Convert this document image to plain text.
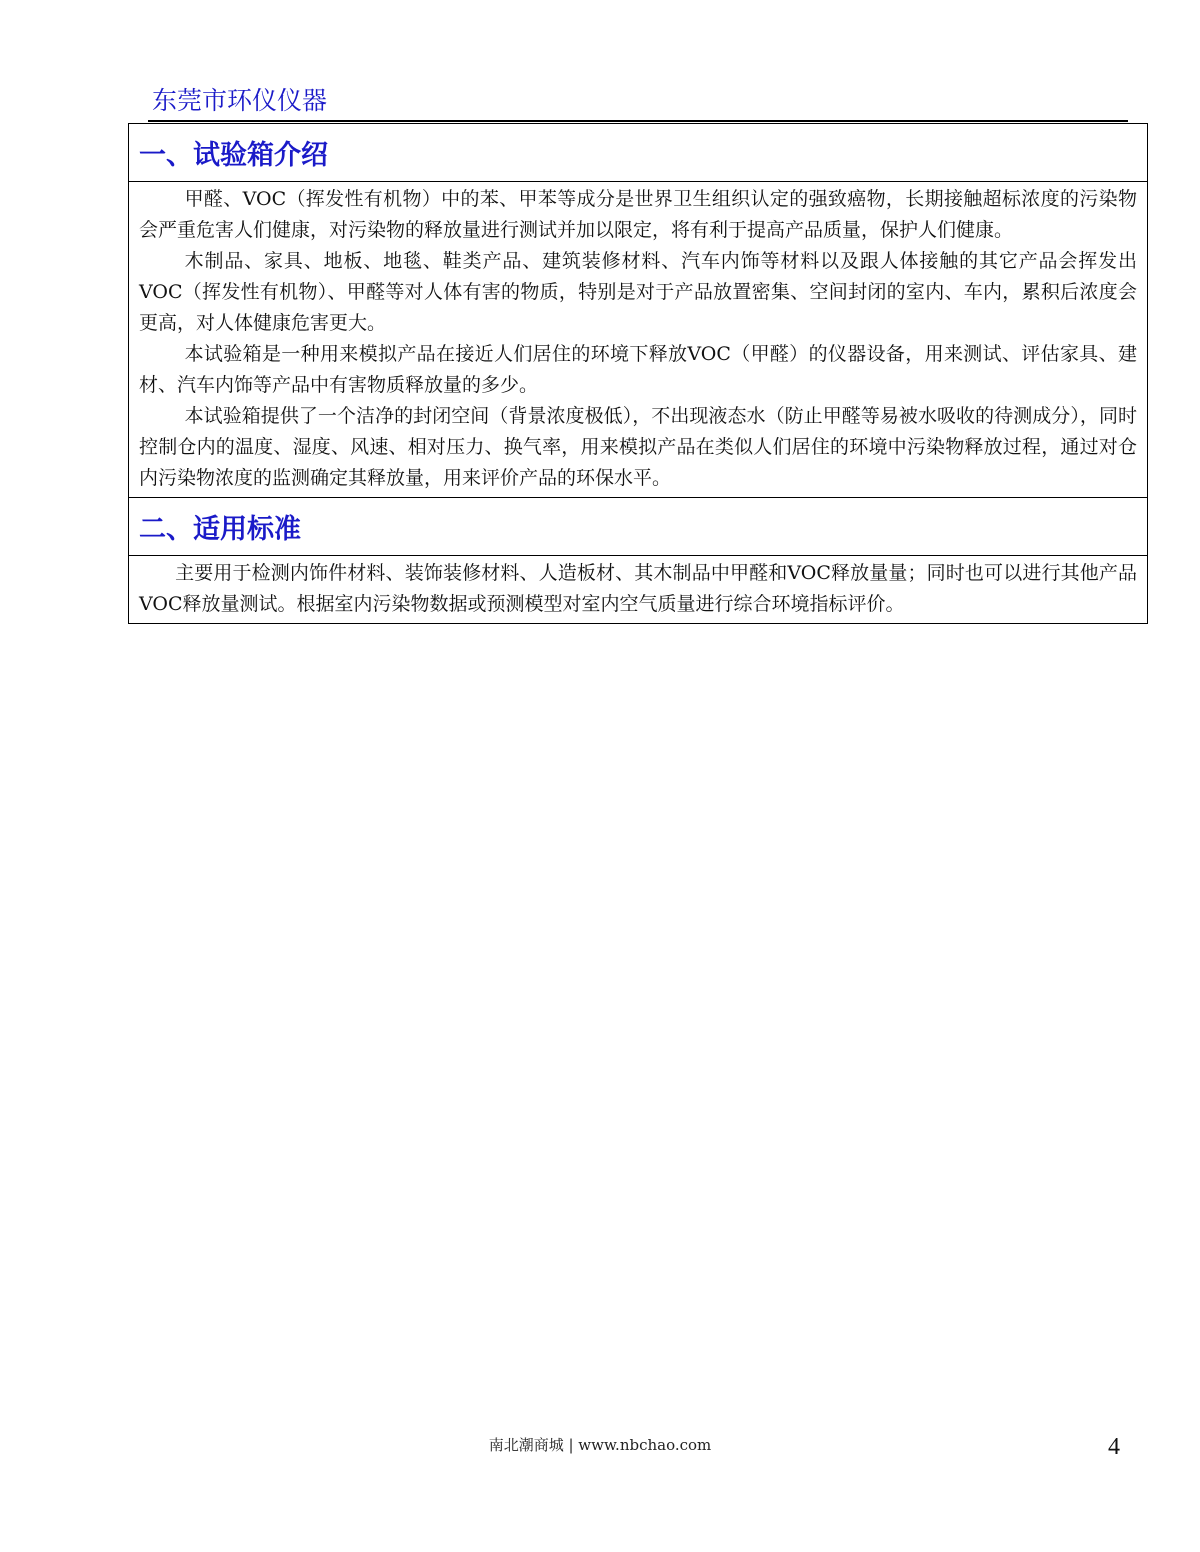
东莞市环仪仪器
一、试验箱介绍

甲醛、VOC（挥发性有机物）中的苯、甲苯等成分是世界卫生组织认定的强致癌物，长期接触超标浓度的污染物会严重危害人们健康，对污染物的释放量进行测试并加以限定，将有利于提高产品质量，保护人们健康。

木制品、家具、地板、地毯、鞋类产品、建筑装修材料、汽车内饰等材料以及跟人体接触的其它产品会挥发出 VOC（挥发性有机物）、甲醛等对人体有害的物质，特别是对于产品放置密集、空间封闭的室内、车内，累积后浓度会更高，对人体健康危害更大。

本试验箱是一种用来模拟产品在接近人们居住的环境下释放VOC（甲醛）的仪器设备，用来测试、评估家具、建材、汽车内饰等产品中有害物质释放量的多少。

本试验箱提供了一个洁净的封闭空间（背景浓度极低），不出现液态水（防止甲醛等易被水吸收的待测成分），同时控制仓内的温度、湿度、风速、相对压力、换气率，用来模拟产品在类似人们居住的环境中污染物释放过程，通过对仓内污染物浓度的监测确定其释放量，用来评价产品的环保水平。

二、适用标准

主要用于检测内饰件材料、装饰装修材料、人造板材、其木制品中甲醛和VOC释放量量；同时也可以进行其他产品VOC释放量测试。根据室内污染物数据或预测模型对室内空气质量进行综合环境指标评价。

南北潮商城 | www.nbchao.com	4
